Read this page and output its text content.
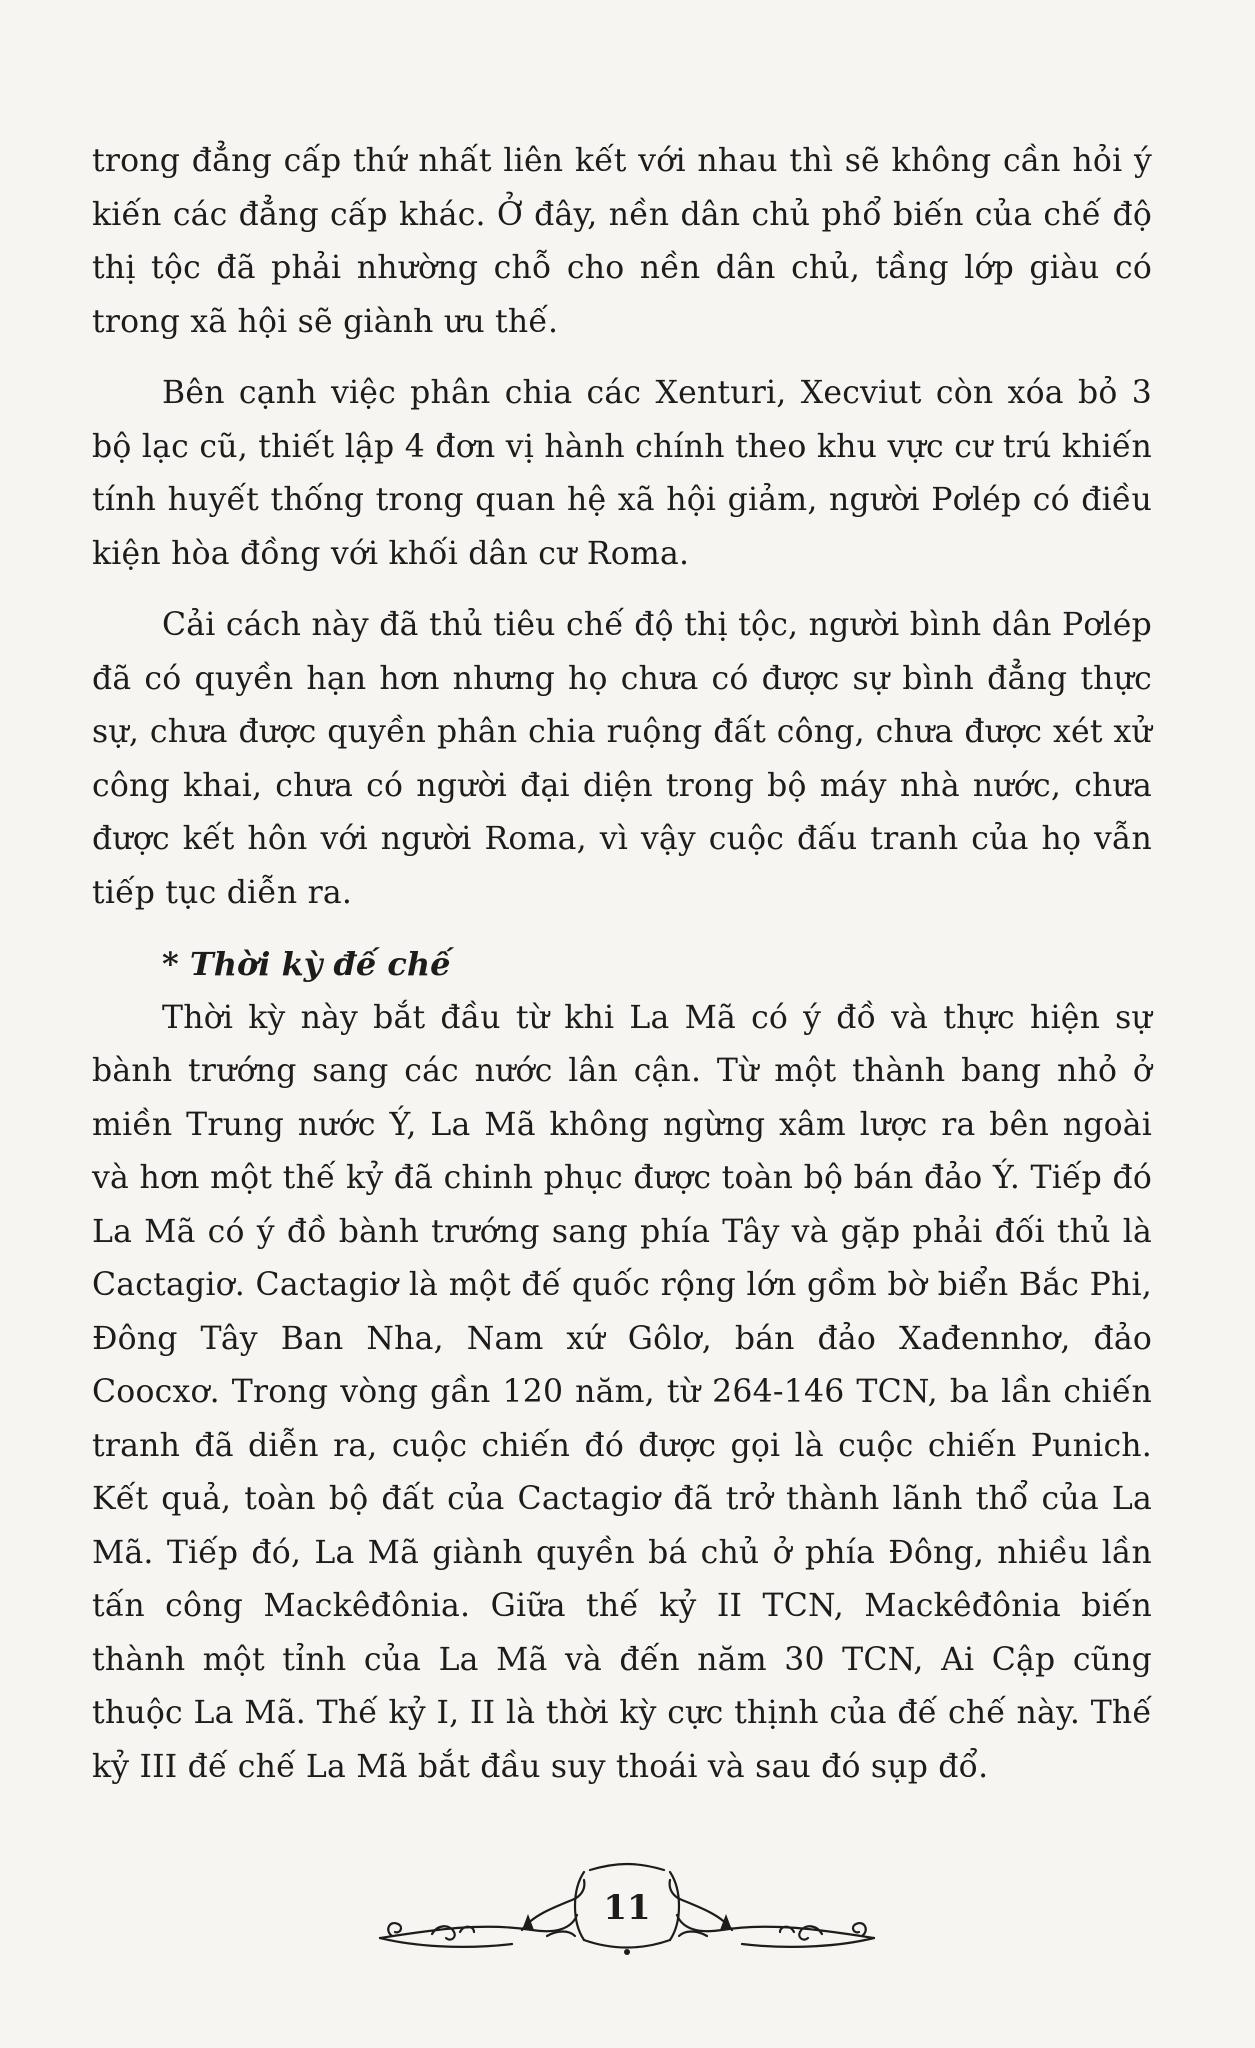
trong đẳng cấp thứ nhất liên kết với nhau thì sẽ không cần hỏi ý kiến các đẳng cấp khác. Ở đây, nền dân chủ phổ biến của chế độ thị tộc đã phải nhường chỗ cho nền dân chủ, tầng lớp giàu có trong xã hội sẽ giành ưu thế.

Bên cạnh việc phân chia các Xenturi, Xecviut còn xóa bỏ 3 bộ lạc cũ, thiết lập 4 đơn vị hành chính theo khu vực cư trú khiến tính huyết thống trong quan hệ xã hội giảm, người Pơlép có điều kiện hòa đồng với khối dân cư Roma.

Cải cách này đã thủ tiêu chế độ thị tộc, người bình dân Pơlép đã có quyền hạn hơn nhưng họ chưa có được sự bình đẳng thực sự, chưa được quyền phân chia ruộng đất công, chưa được xét xử công khai, chưa có người đại diện trong bộ máy nhà nước, chưa được kết hôn với người Roma, vì vậy cuộc đấu tranh của họ vẫn tiếp tục diễn ra.

* Thời kỳ đế chế

Thời kỳ này bắt đầu từ khi La Mã có ý đồ và thực hiện sự bành trướng sang các nước lân cận. Từ một thành bang nhỏ ở miền Trung nước Ý, La Mã không ngừng xâm lược ra bên ngoài và hơn một thế kỷ đã chinh phục được toàn bộ bán đảo Ý. Tiếp đó La Mã có ý đồ bành trướng sang phía Tây và gặp phải đối thủ là Cactagiơ. Cactagiơ là một đế quốc rộng lớn gồm bờ biển Bắc Phi, Đông Tây Ban Nha, Nam xứ Gôlơ, bán đảo Xađennhơ, đảo Coocxơ. Trong vòng gần 120 năm, từ 264-146 TCN, ba lần chiến tranh đã diễn ra, cuộc chiến đó được gọi là cuộc chiến Punich. Kết quả, toàn bộ đất của Cactagiơ đã trở thành lãnh thổ của La Mã. Tiếp đó, La Mã giành quyền bá chủ ở phía Đông, nhiều lần tấn công Mackêđônia. Giữa thế kỷ II TCN, Mackêđônia biến thành một tỉnh của La Mã và đến năm 30 TCN, Ai Cập cũng thuộc La Mã. Thế kỷ I, II là thời kỳ cực thịnh của đế chế này. Thế kỷ III đế chế La Mã bắt đầu suy thoái và sau đó sụp đổ.

11
